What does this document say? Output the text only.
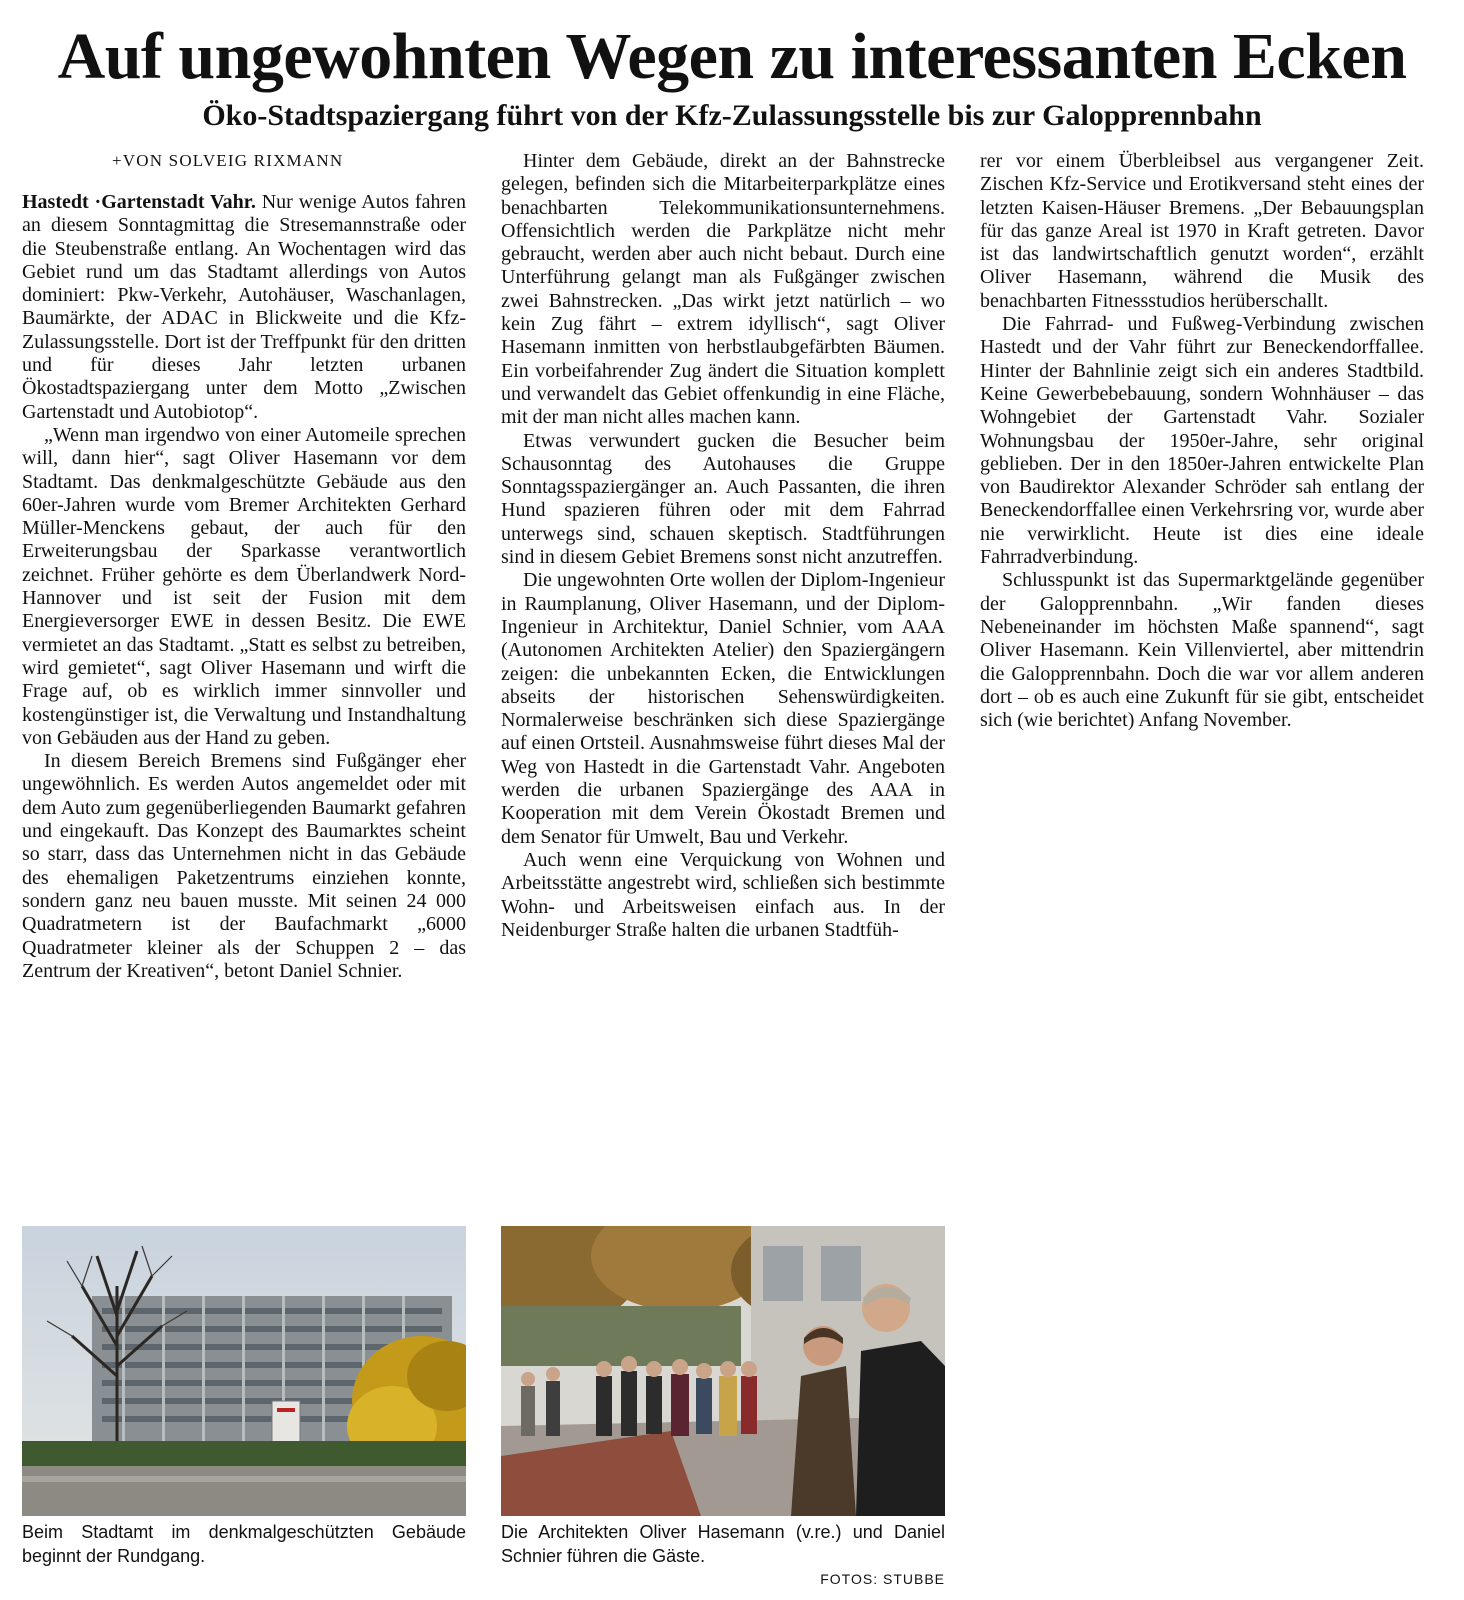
Auf ungewohnten Wegen zu interessanten Ecken
Öko-Stadtspaziergang führt von der Kfz-Zulassungsstelle bis zur Galopprennbahn
+VON SOLVEIG RIXMANN

Hastedt ·Gartenstadt Vahr. Nur wenige Autos fahren an diesem Sonntagmittag die Stresemannstraße oder die Steubenstraße entlang. An Wochentagen wird das Gebiet rund um das Stadtamt allerdings von Autos dominiert: Pkw-Verkehr, Autohäuser, Waschanlagen, Baumärkte, der ADAC in Blickweite und die Kfz-Zulassungsstelle. Dort ist der Treffpunkt für den dritten und für dieses Jahr letzten urbanen Ökostadtspaziergang unter dem Motto „Zwischen Gartenstadt und Autobiotop“.

„Wenn man irgendwo von einer Automeile sprechen will, dann hier“, sagt Oliver Hasemann vor dem Stadtamt. Das denkmalgeschützte Gebäude aus den 60er-Jahren wurde vom Bremer Architekten Gerhard Müller-Menckens gebaut, der auch für den Erweiterungsbau der Sparkasse verantwortlich zeichnet. Früher gehörte es dem Überlandwerk Nord-Hannover und ist seit der Fusion mit dem Energieversorger EWE in dessen Besitz. Die EWE vermietet an das Stadtamt. „Statt es selbst zu betreiben, wird gemietet“, sagt Oliver Hasemann und wirft die Frage auf, ob es wirklich immer sinnvoller und kostengünstiger ist, die Verwaltung und Instandhaltung von Gebäuden aus der Hand zu geben.

In diesem Bereich Bremens sind Fußgänger eher ungewöhnlich. Es werden Autos angemeldet oder mit dem Auto zum gegenüberliegenden Baumarkt gefahren und eingekauft. Das Konzept des Baumarktes scheint so starr, dass das Unternehmen nicht in das Gebäude des ehemaligen Paketzentrums einziehen konnte, sondern ganz neu bauen musste. Mit seinen 24 000 Quadratmetern ist der Baufachmarkt „6000 Quadratmeter kleiner als der Schuppen 2 – das Zentrum der Kreativen“, betont Daniel Schnier.

Hinter dem Gebäude, direkt an der Bahnstrecke gelegen, befinden sich die Mitarbeiterparkplätze eines benachbarten Telekommunikationsunternehmens. Offensichtlich werden die Parkplätze nicht mehr gebraucht, werden aber auch nicht bebaut. Durch eine Unterführung gelangt man als Fußgänger zwischen zwei Bahnstrecken. „Das wirkt jetzt natürlich – wo kein Zug fährt – extrem idyllisch“, sagt Oliver Hasemann inmitten von herbstlaubgefärbten Bäumen. Ein vorbeifahrender Zug ändert die Situation komplett und verwandelt das Gebiet offenkundig in eine Fläche, mit der man nicht alles machen kann.

Etwas verwundert gucken die Besucher beim Schausonntag des Autohauses die Gruppe Sonntagsspaziergänger an. Auch Passanten, die ihren Hund spazieren führen oder mit dem Fahrrad unterwegs sind, schauen skeptisch. Stadtführungen sind in diesem Gebiet Bremens sonst nicht anzutreffen.

Die ungewohnten Orte wollen der Diplom-Ingenieur in Raumplanung, Oliver Hasemann, und der Diplom-Ingenieur in Architektur, Daniel Schnier, vom AAA (Autonomen Architekten Atelier) den Spaziergängern zeigen: die unbekannten Ecken, die Entwicklungen abseits der historischen Sehenswürdigkeiten. Normalerweise beschränken sich diese Spaziergänge auf einen Ortsteil. Ausnahmsweise führt dieses Mal der Weg von Hastedt in die Gartenstadt Vahr. Angeboten werden die urbanen Spaziergänge des AAA in Kooperation mit dem Verein Ökostadt Bremen und dem Senator für Umwelt, Bau und Verkehr.

Auch wenn eine Verquickung von Wohnen und Arbeitsstätte angestrebt wird, schließen sich bestimmte Wohn- und Arbeitsweisen einfach aus. In der Neidenburger Straße halten die urbanen Stadtfüh-

rer vor einem Überbleibsel aus vergangener Zeit. Zischen Kfz-Service und Erotikversand steht eines der letzten Kaisen-Häuser Bremens. „Der Bebauungsplan für das ganze Areal ist 1970 in Kraft getreten. Davor ist das landwirtschaftlich genutzt worden“, erzählt Oliver Hasemann, während die Musik des benachbarten Fitnessstudios herüberschallt.

Die Fahrrad- und Fußweg-Verbindung zwischen Hastedt und der Vahr führt zur Beneckendorffallee. Hinter der Bahnlinie zeigt sich ein anderes Stadtbild. Keine Gewerbebebauung, sondern Wohnhäuser – das Wohngebiet der Gartenstadt Vahr. Sozialer Wohnungsbau der 1950er-Jahre, sehr original geblieben. Der in den 1850er-Jahren entwickelte Plan von Baudirektor Alexander Schröder sah entlang der Beneckendorffallee einen Verkehrsring vor, wurde aber nie verwirklicht. Heute ist dies eine ideale Fahrradverbindung.

Schlusspunkt ist das Supermarktgelände gegenüber der Galopprennbahn. „Wir fanden dieses Nebeneinander im höchsten Maße spannend“, sagt Oliver Hasemann. Kein Villenviertel, aber mittendrin die Galopprennbahn. Doch die war vor allem anderen dort – ob es auch eine Zukunft für sie gibt, entscheidet sich (wie berichtet) Anfang November.

Beim Stadtamt im denkmalgeschützten Gebäude beginnt der Rundgang.
Die Architekten Oliver Hasemann (v.re.) und Daniel Schnier führen die Gäste.
FOTOS: STUBBE
